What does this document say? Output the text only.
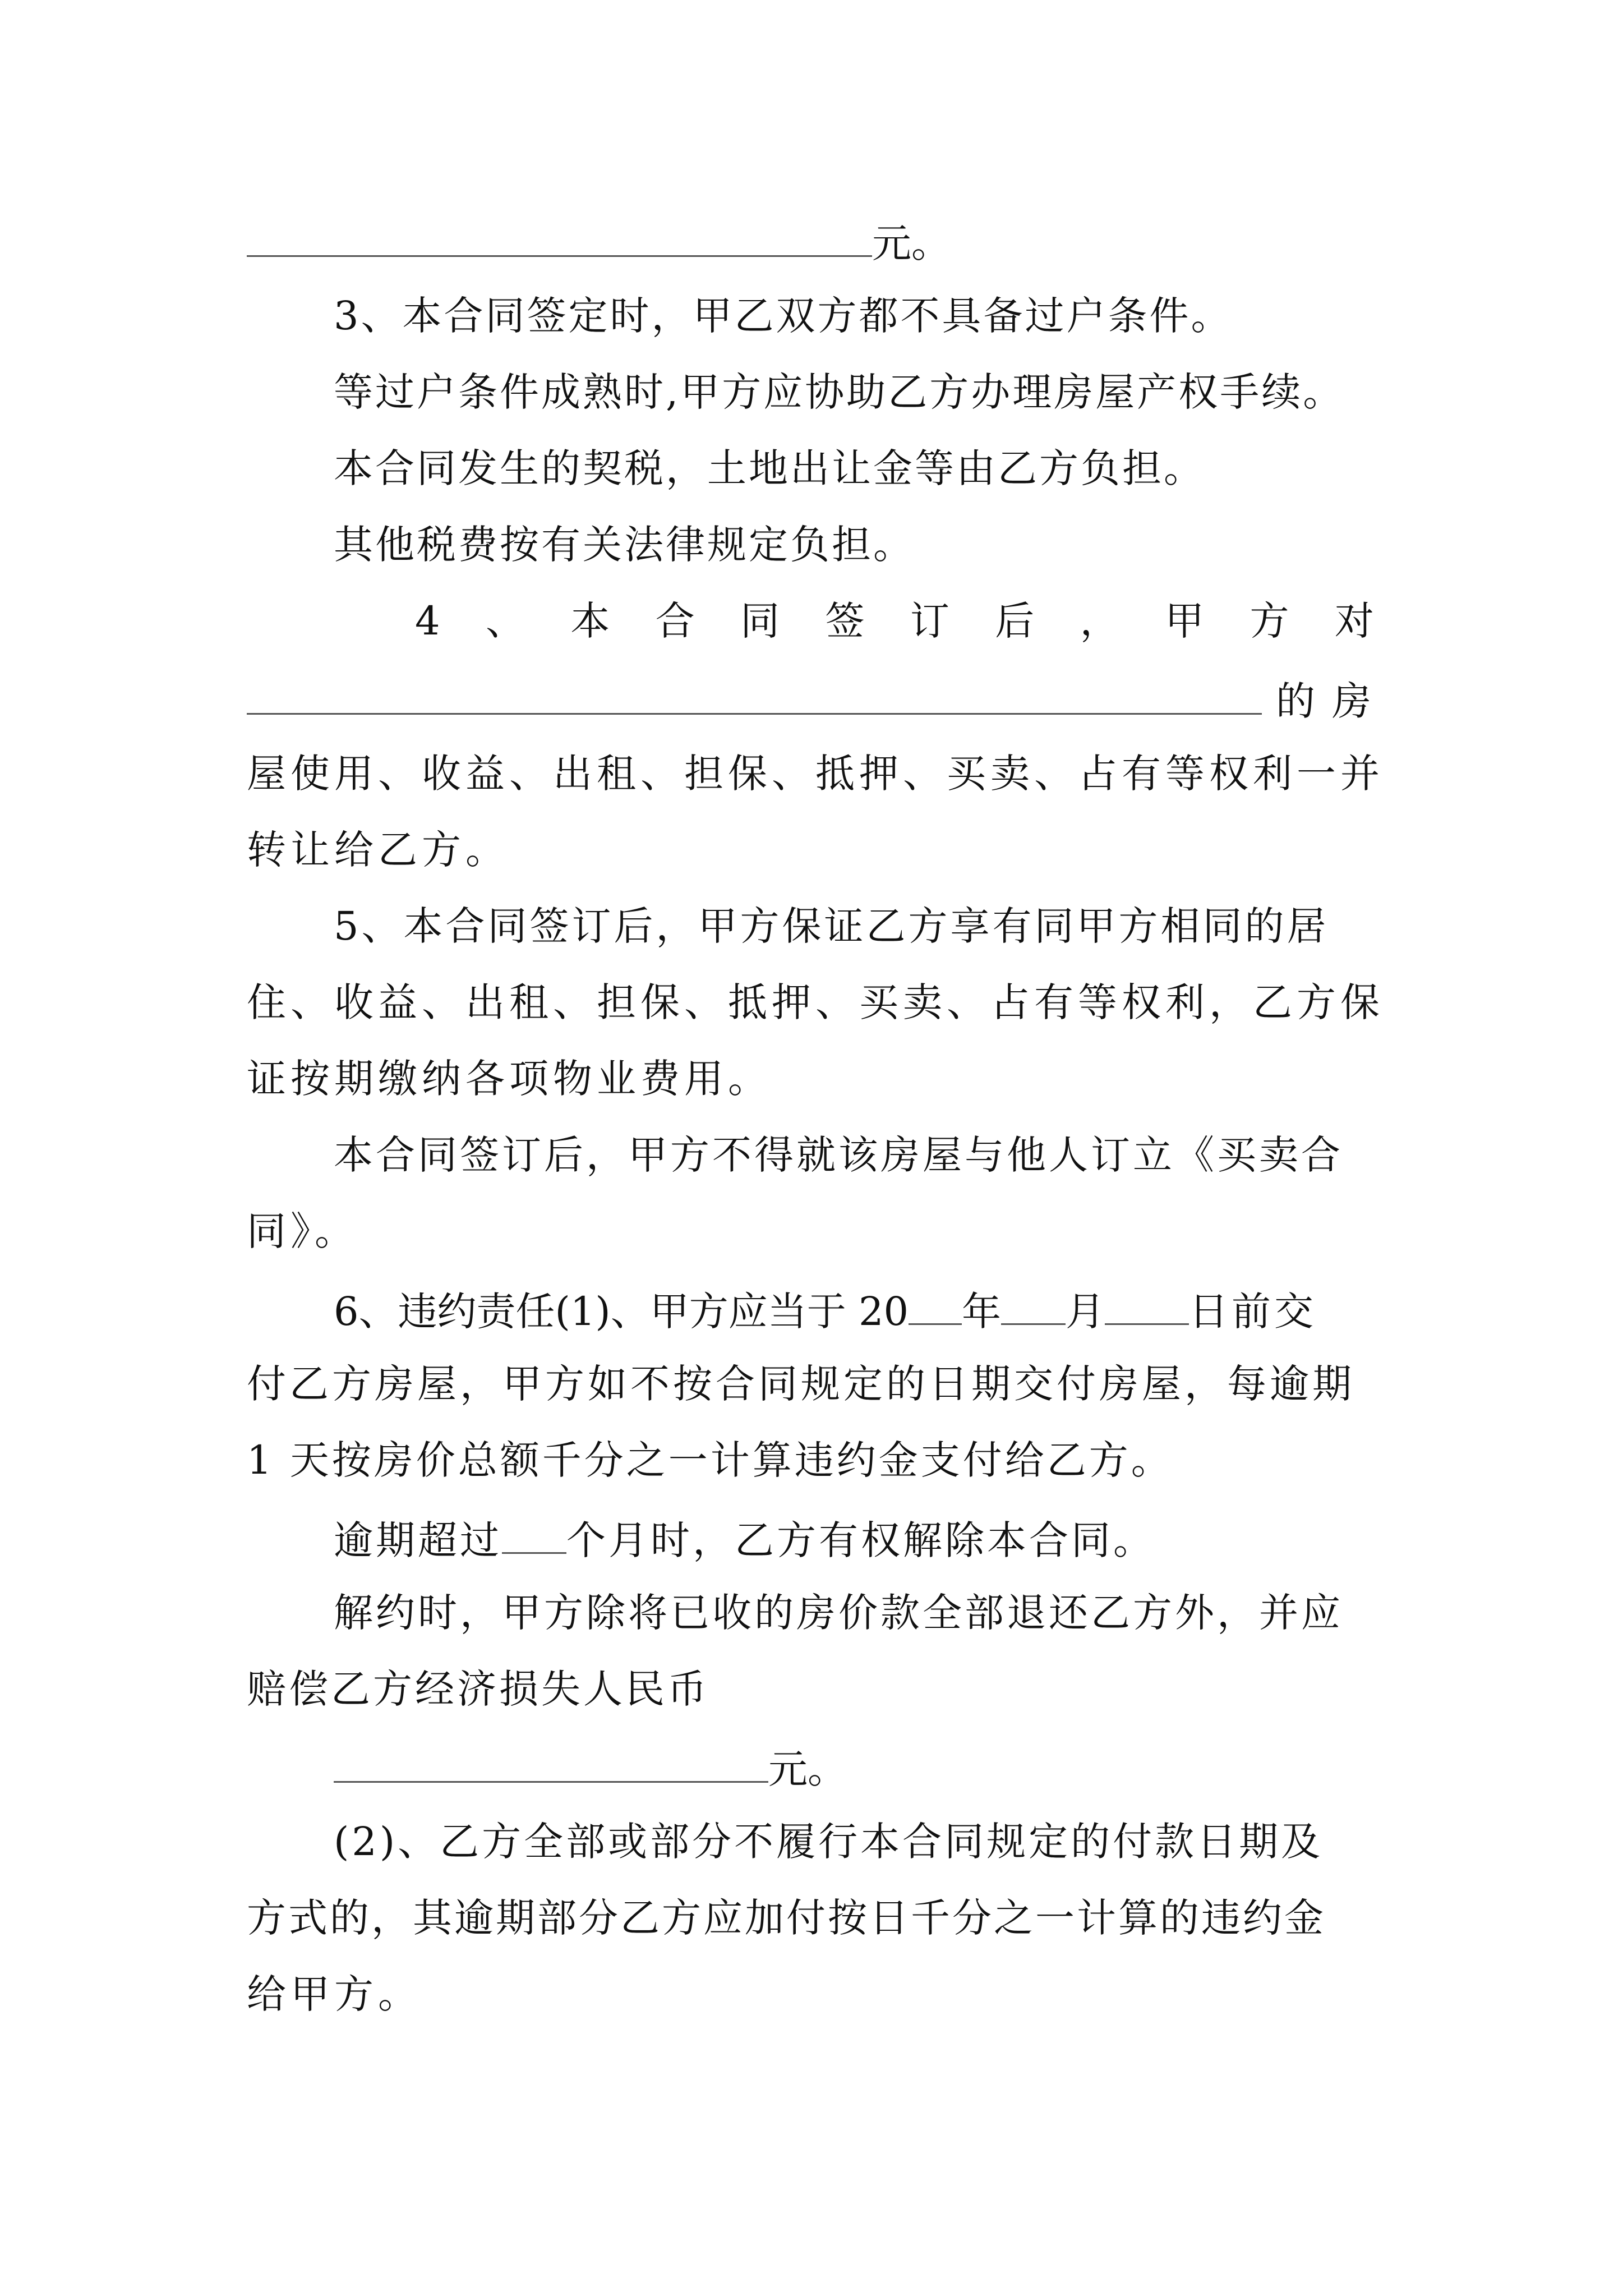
元。
3、本合同签定时，甲乙双方都不具备过户条件。
等过户条件成熟时,甲方应协助乙方办理房屋产权手续。
本合同发生的契税，土地出让金等由乙方负担。
其他税费按有关法律规定负担。
4 、 本 合 同 签 订 后 ， 甲 方 对
的房
屋使用、收益、出租、担保、抵押、买卖、占有等权利一并
转让给乙方。
5、本合同签订后，甲方保证乙方享有同甲方相同的居
住、收益、出租、担保、抵押、买卖、占有等权利，乙方保
证按期缴纳各项物业费用。
本合同签订后，甲方不得就该房屋与他人订立《买卖合
同》。
6、违约责任(1)、甲方应当于 20 年 月 日前交
付乙方房屋，甲方如不按合同规定的日期交付房屋，每逾期
1 天按房价总额千分之一计算违约金支付给乙方。
逾期超过 个月时，乙方有权解除本合同。
解约时，甲方除将已收的房价款全部退还乙方外，并应
赔偿乙方经济损失人民币
元。
(2)、乙方全部或部分不履行本合同规定的付款日期及
方式的，其逾期部分乙方应加付按日千分之一计算的违约金
给甲方。
